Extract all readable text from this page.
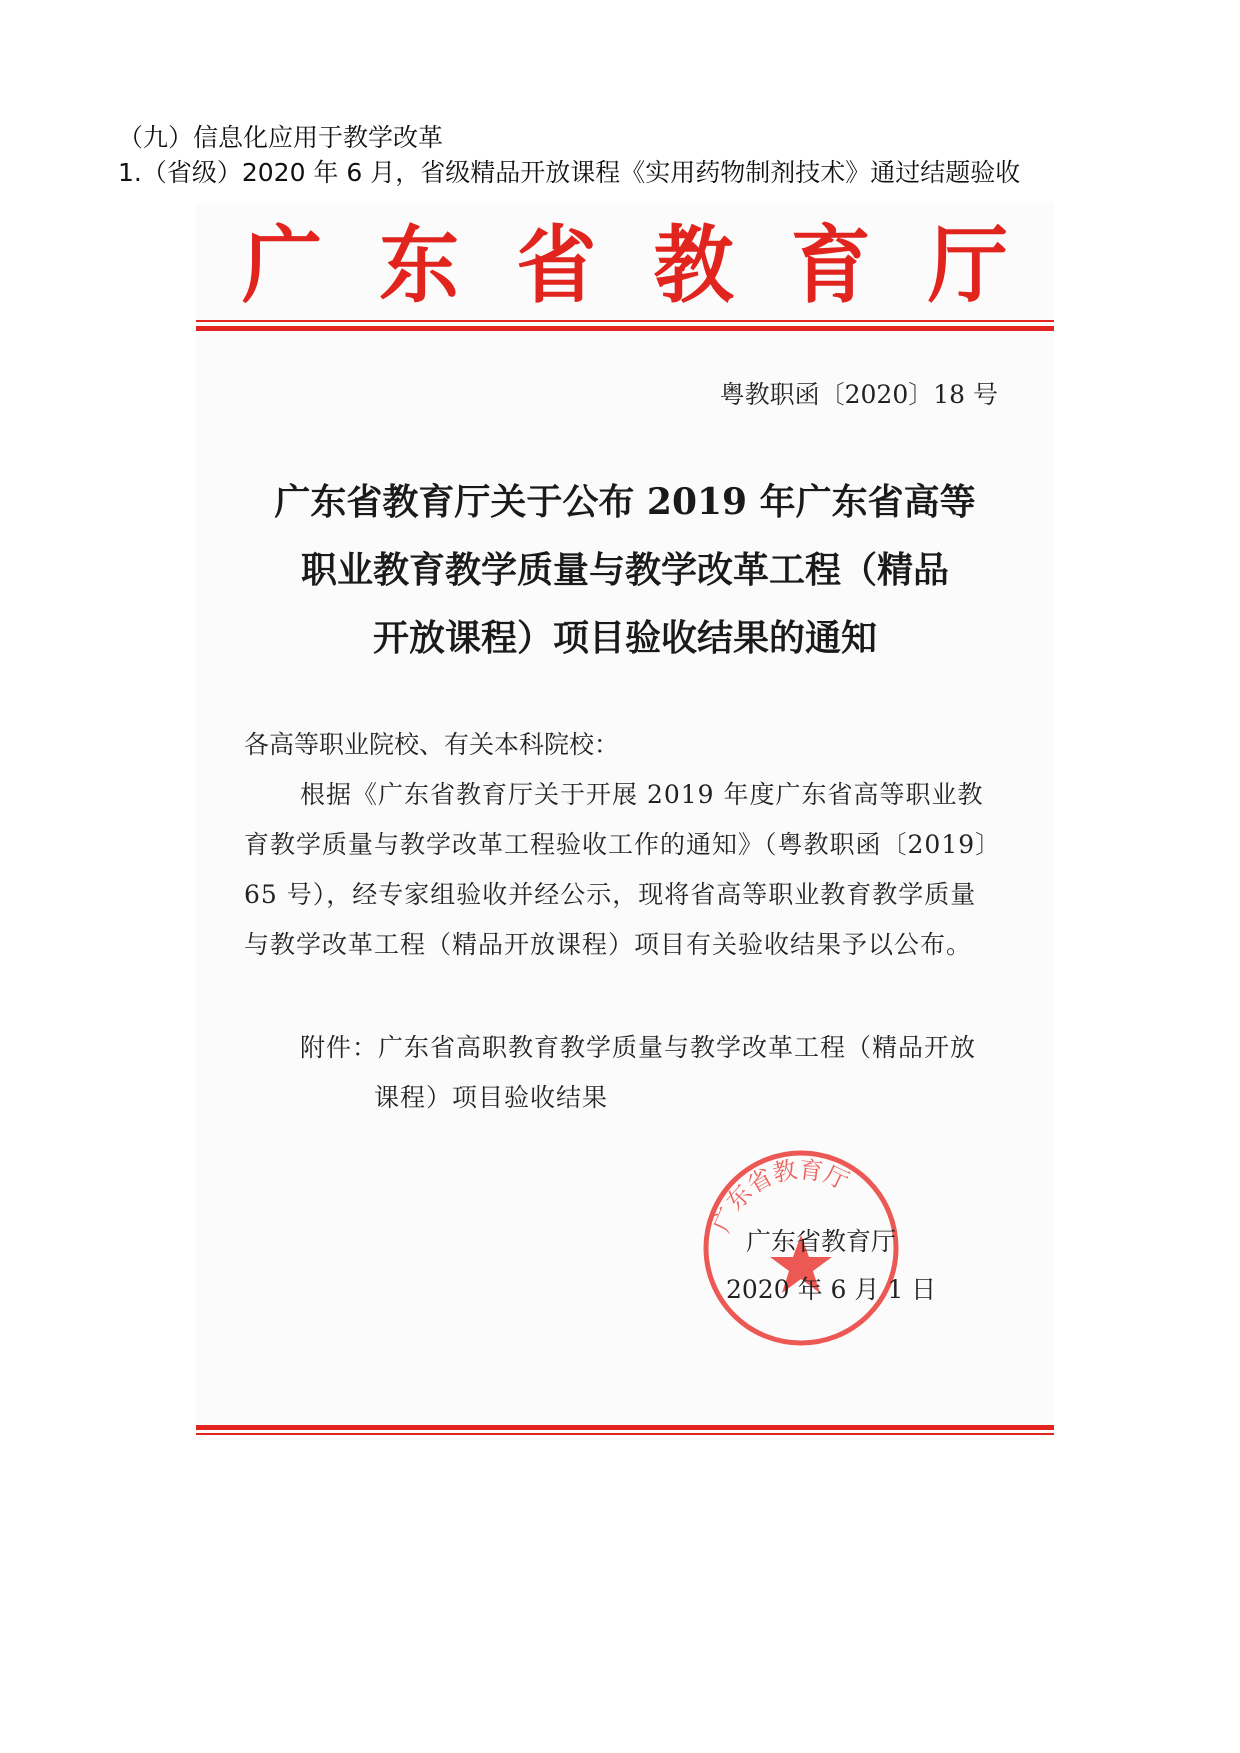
（九）信息化应用于教学改革
1.（省级）2020 年 6 月，省级精品开放课程《实用药物制剂技术》通过结题验收
广 东 省 教 育 厅
粤教职函〔2020〕18 号
广东省教育厅关于公布 2019 年广东省高等
职业教育教学质量与教学改革工程（精品
开放课程）项目验收结果的通知
各高等职业院校、有关本科院校：
根据《广东省教育厅关于开展 2019 年度广东省高等职业教
育教学质量与教学改革工程验收工作的通知》（粤教职函〔2019〕
65 号），经专家组验收并经公示，现将省高等职业教育教学质量
与教学改革工程（精品开放课程）项目有关验收结果予以公布。
附件：广东省高职教育教学质量与教学改革工程（精品开放
课程）项目验收结果
广东省教育厅
广东省教育厅
2020 年 6 月 1 日
